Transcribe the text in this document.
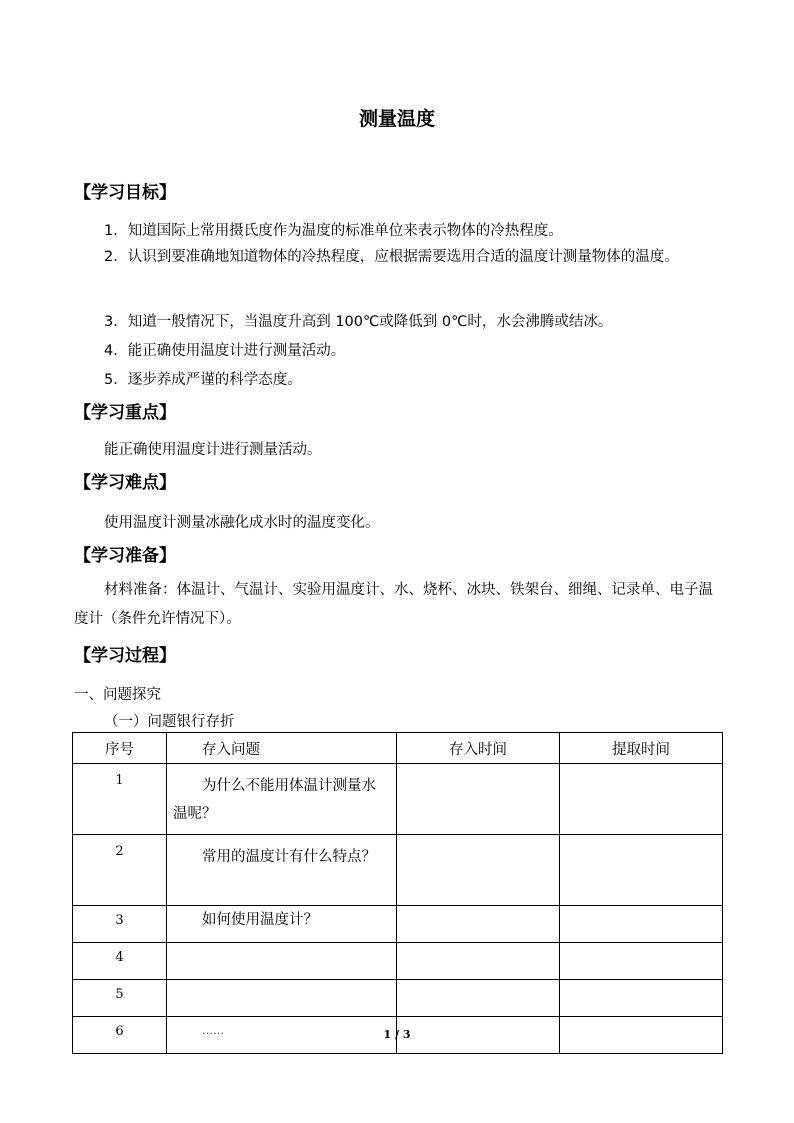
测量温度
【学习目标】
1．知道国际上常用摄氏度作为温度的标准单位来表示物体的冷热程度。
2．认识到要准确地知道物体的冷热程度，应根据需要选用合适的温度计测量物体的温度。
3．知道一般情况下，当温度升高到 100℃或降低到 0℃时，水会沸腾或结冰。
4．能正确使用温度计进行测量活动。
5．逐步养成严谨的科学态度。
【学习重点】
能正确使用温度计进行测量活动。
【学习难点】
使用温度计测量冰融化成水时的温度变化。
【学习准备】
材料准备：体温计、气温计、实验用温度计、水、烧杯、冰块、铁架台、细绳、记录单、电子温度计（条件允许情况下）。
【学习过程】
一、问题探究
（一）问题银行存折
序号	存入问题	存入时间	提取时间
1	为什么不能用体温计测量水温呢？		
2	常用的温度计有什么特点？		
3	如何使用温度计？		
4			
5			
6	……			1 / 3
